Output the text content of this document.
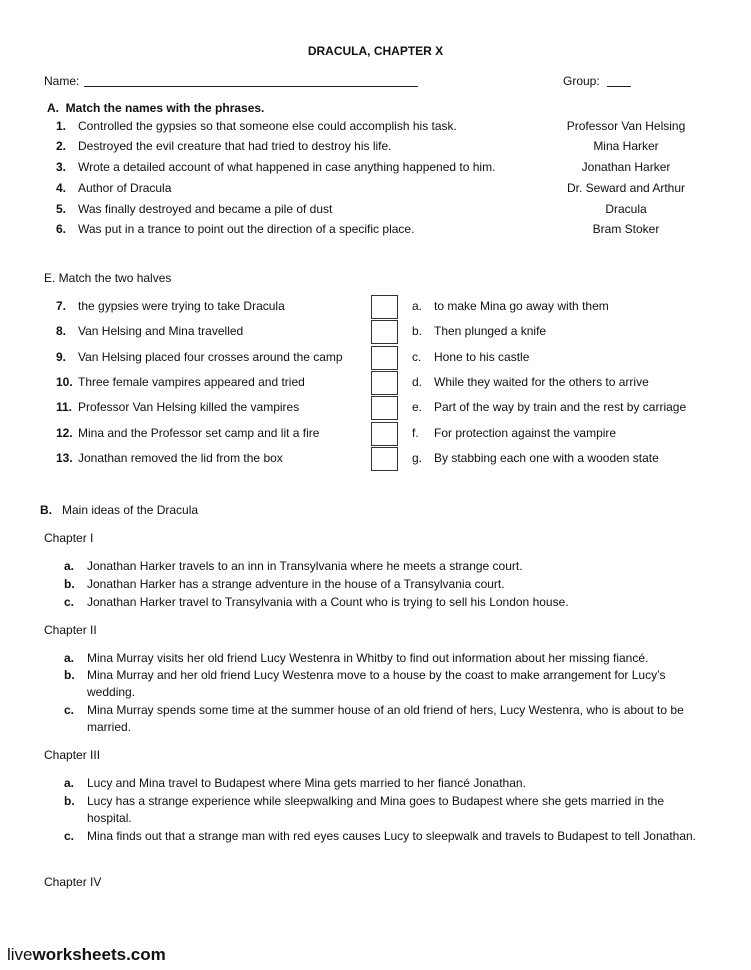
DRACULA, CHAPTER X
Name:	Group:
A. Match the names with the phrases.
1. Controlled the gypsies so that someone else could accomplish his task.
2. Destroyed the evil creature that had tried to destroy his life.
3. Wrote a detailed account of what happened in case anything happened to him.
4. Author of Dracula
5. Was finally destroyed and became a pile of dust
6. Was put in a trance to point out the direction of a specific place.
Professor Van Helsing
Mina Harker
Jonathan Harker
Dr. Seward and Arthur
Dracula
Bram Stoker
E. Match the two halves
7. the gypsies were trying to take Dracula
8. Van Helsing and Mina travelled
9. Van Helsing placed four crosses around the camp
10. Three female vampires appeared and tried
11. Professor Van Helsing killed the vampires
12. Mina and the Professor set camp and lit a fire
13. Jonathan removed the lid from the box
a. to make Mina go away with them
b. Then plunged a knife
c. Hone to his castle
d. While they waited for the others to arrive
e. Part of the way by train and the rest by carriage
f. For protection against the vampire
g. By stabbing each one with a wooden state
B. Main ideas of the Dracula
Chapter I
a. Jonathan Harker travels to an inn in Transylvania where he meets a strange court.
b. Jonathan Harker has a strange adventure in the house of a Transylvania court.
c. Jonathan Harker travel to Transylvania with a Count who is trying to sell his London house.
Chapter II
a. Mina Murray visits her old friend Lucy Westenra in Whitby to find out information about her missing fiancé.
b. Mina Murray and her old friend Lucy Westenra move to a house by the coast to make arrangement for Lucy’s wedding.
c. Mina Murray spends some time at the summer house of an old friend of hers, Lucy Westenra, who is about to be married.
Chapter III
a. Lucy and Mina travel to Budapest where Mina gets married to her fiancé Jonathan.
b. Lucy has a strange experience while sleepwalking and Mina goes to Budapest where she gets married in the hospital.
c. Mina finds out that a strange man with red eyes causes Lucy to sleepwalk and travels to Budapest to tell Jonathan.
Chapter IV
liveworksheets.com
